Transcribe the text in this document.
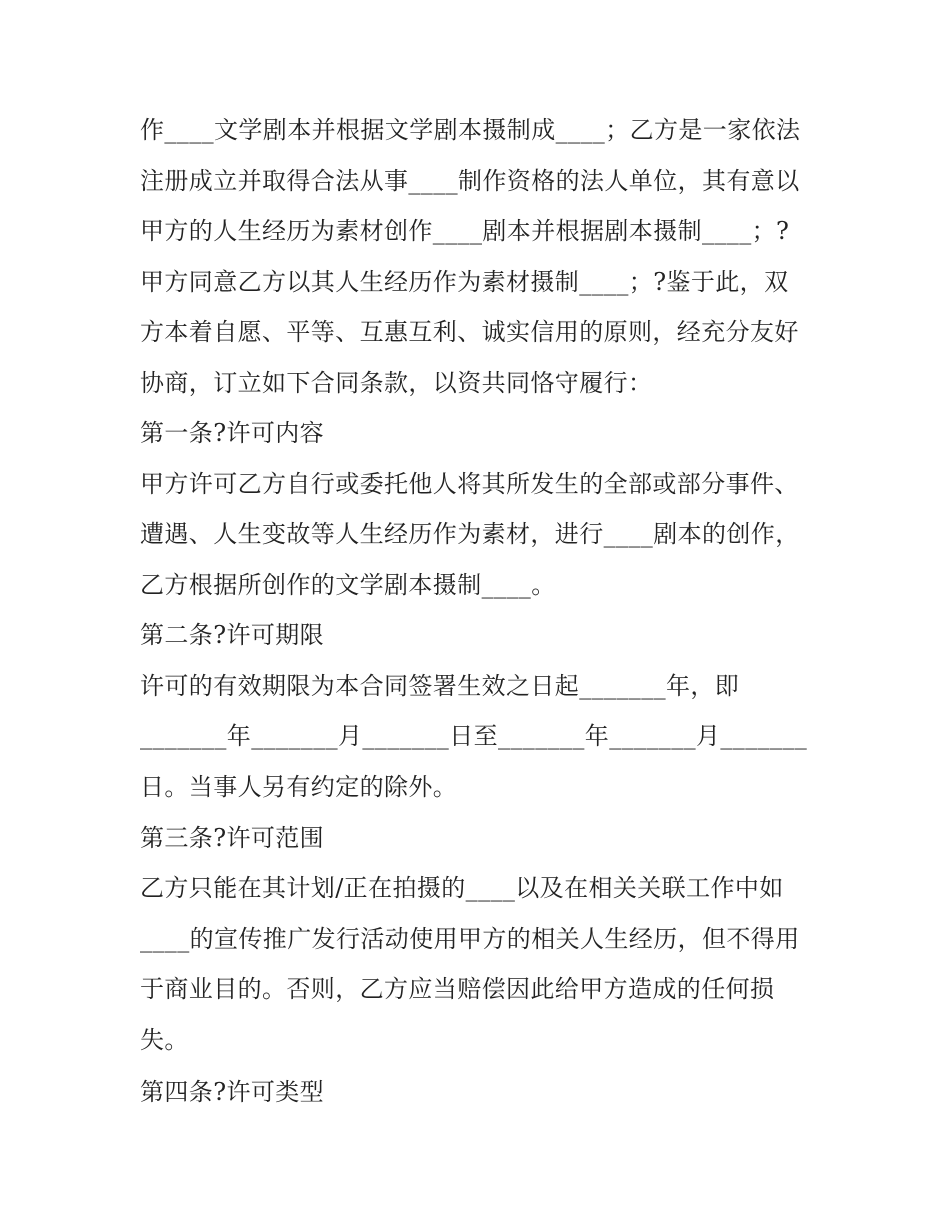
作____文学剧本并根据文学剧本摄制成____；乙方是一家依法
注册成立并取得合法从事____制作资格的法人单位，其有意以
甲方的人生经历为素材创作____剧本并根据剧本摄制____；?
甲方同意乙方以其人生经历作为素材摄制____；?鉴于此，双
方本着自愿、平等、互惠互利、诚实信用的原则，经充分友好
协商，订立如下合同条款，以资共同恪守履行：
第一条?许可内容
甲方许可乙方自行或委托他人将其所发生的全部或部分事件、
遭遇、人生变故等人生经历作为素材，进行____剧本的创作，
乙方根据所创作的文学剧本摄制____。
第二条?许可期限
许可的有效期限为本合同签署生效之日起_______年，即
_______年_______月_______日至_______年_______月_______
日。当事人另有约定的除外。
第三条?许可范围
乙方只能在其计划/正在拍摄的____以及在相关关联工作中如
____的宣传推广发行活动使用甲方的相关人生经历，但不得用
于商业目的。否则，乙方应当赔偿因此给甲方造成的任何损
失。
第四条?许可类型
